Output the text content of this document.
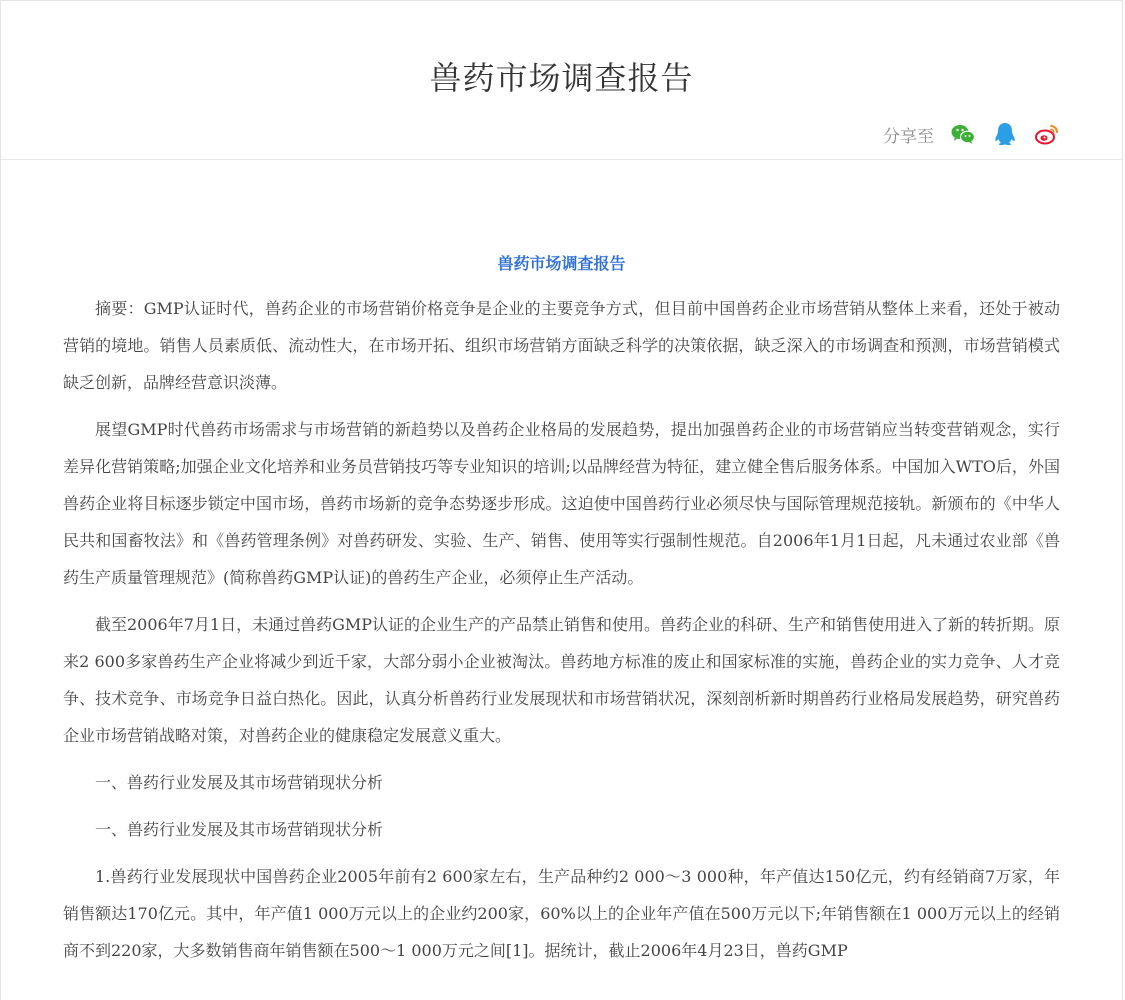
兽药市场调查报告
分享至
兽药市场调查报告

摘要：GMP认证时代，兽药企业的市场营销价格竞争是企业的主要竞争方式，但目前中国兽药企业市场营销从整体上来看，还处于被动营销的境地。销售人员素质低、流动性大，在市场开拓、组织市场营销方面缺乏科学的决策依据，缺乏深入的市场调查和预测，市场营销模式缺乏创新，品牌经营意识淡薄。

展望GMP时代兽药市场需求与市场营销的新趋势以及兽药企业格局的发展趋势，提出加强兽药企业的市场营销应当转变营销观念，实行差异化营销策略;加强企业文化培养和业务员营销技巧等专业知识的培训;以品牌经营为特征，建立健全售后服务体系。中国加入WTO后，外国兽药企业将目标逐步锁定中国市场，兽药市场新的竞争态势逐步形成。这迫使中国兽药行业必须尽快与国际管理规范接轨。新颁布的《中华人民共和国畜牧法》和《兽药管理条例》对兽药研发、实验、生产、销售、使用等实行强制性规范。自2006年1月1日起，凡未通过农业部《兽药生产质量管理规范》(简称兽药GMP认证)的兽药生产企业，必须停止生产活动。

截至2006年7月1日，未通过兽药GMP认证的企业生产的产品禁止销售和使用。兽药企业的科研、生产和销售使用进入了新的转折期。原来2 600多家兽药生产企业将减少到近千家，大部分弱小企业被淘汰。兽药地方标准的废止和国家标准的实施，兽药企业的实力竞争、人才竞争、技术竞争、市场竞争日益白热化。因此，认真分析兽药行业发展现状和市场营销状况，深刻剖析新时期兽药行业格局发展趋势，研究兽药企业市场营销战略对策，对兽药企业的健康稳定发展意义重大。

一、兽药行业发展及其市场营销现状分析

一、兽药行业发展及其市场营销现状分析

1.兽药行业发展现状中国兽药企业2005年前有2 600家左右，生产品种约2 000～3 000种，年产值达150亿元，约有经销商7万家，年销售额达170亿元。其中，年产值1 000万元以上的企业约200家，60%以上的企业年产值在500万元以下;年销售额在1 000万元以上的经销商不到220家，大多数销售商年销售额在500～1 000万元之间[1]。据统计，截止2006年4月23日，兽药GMP
